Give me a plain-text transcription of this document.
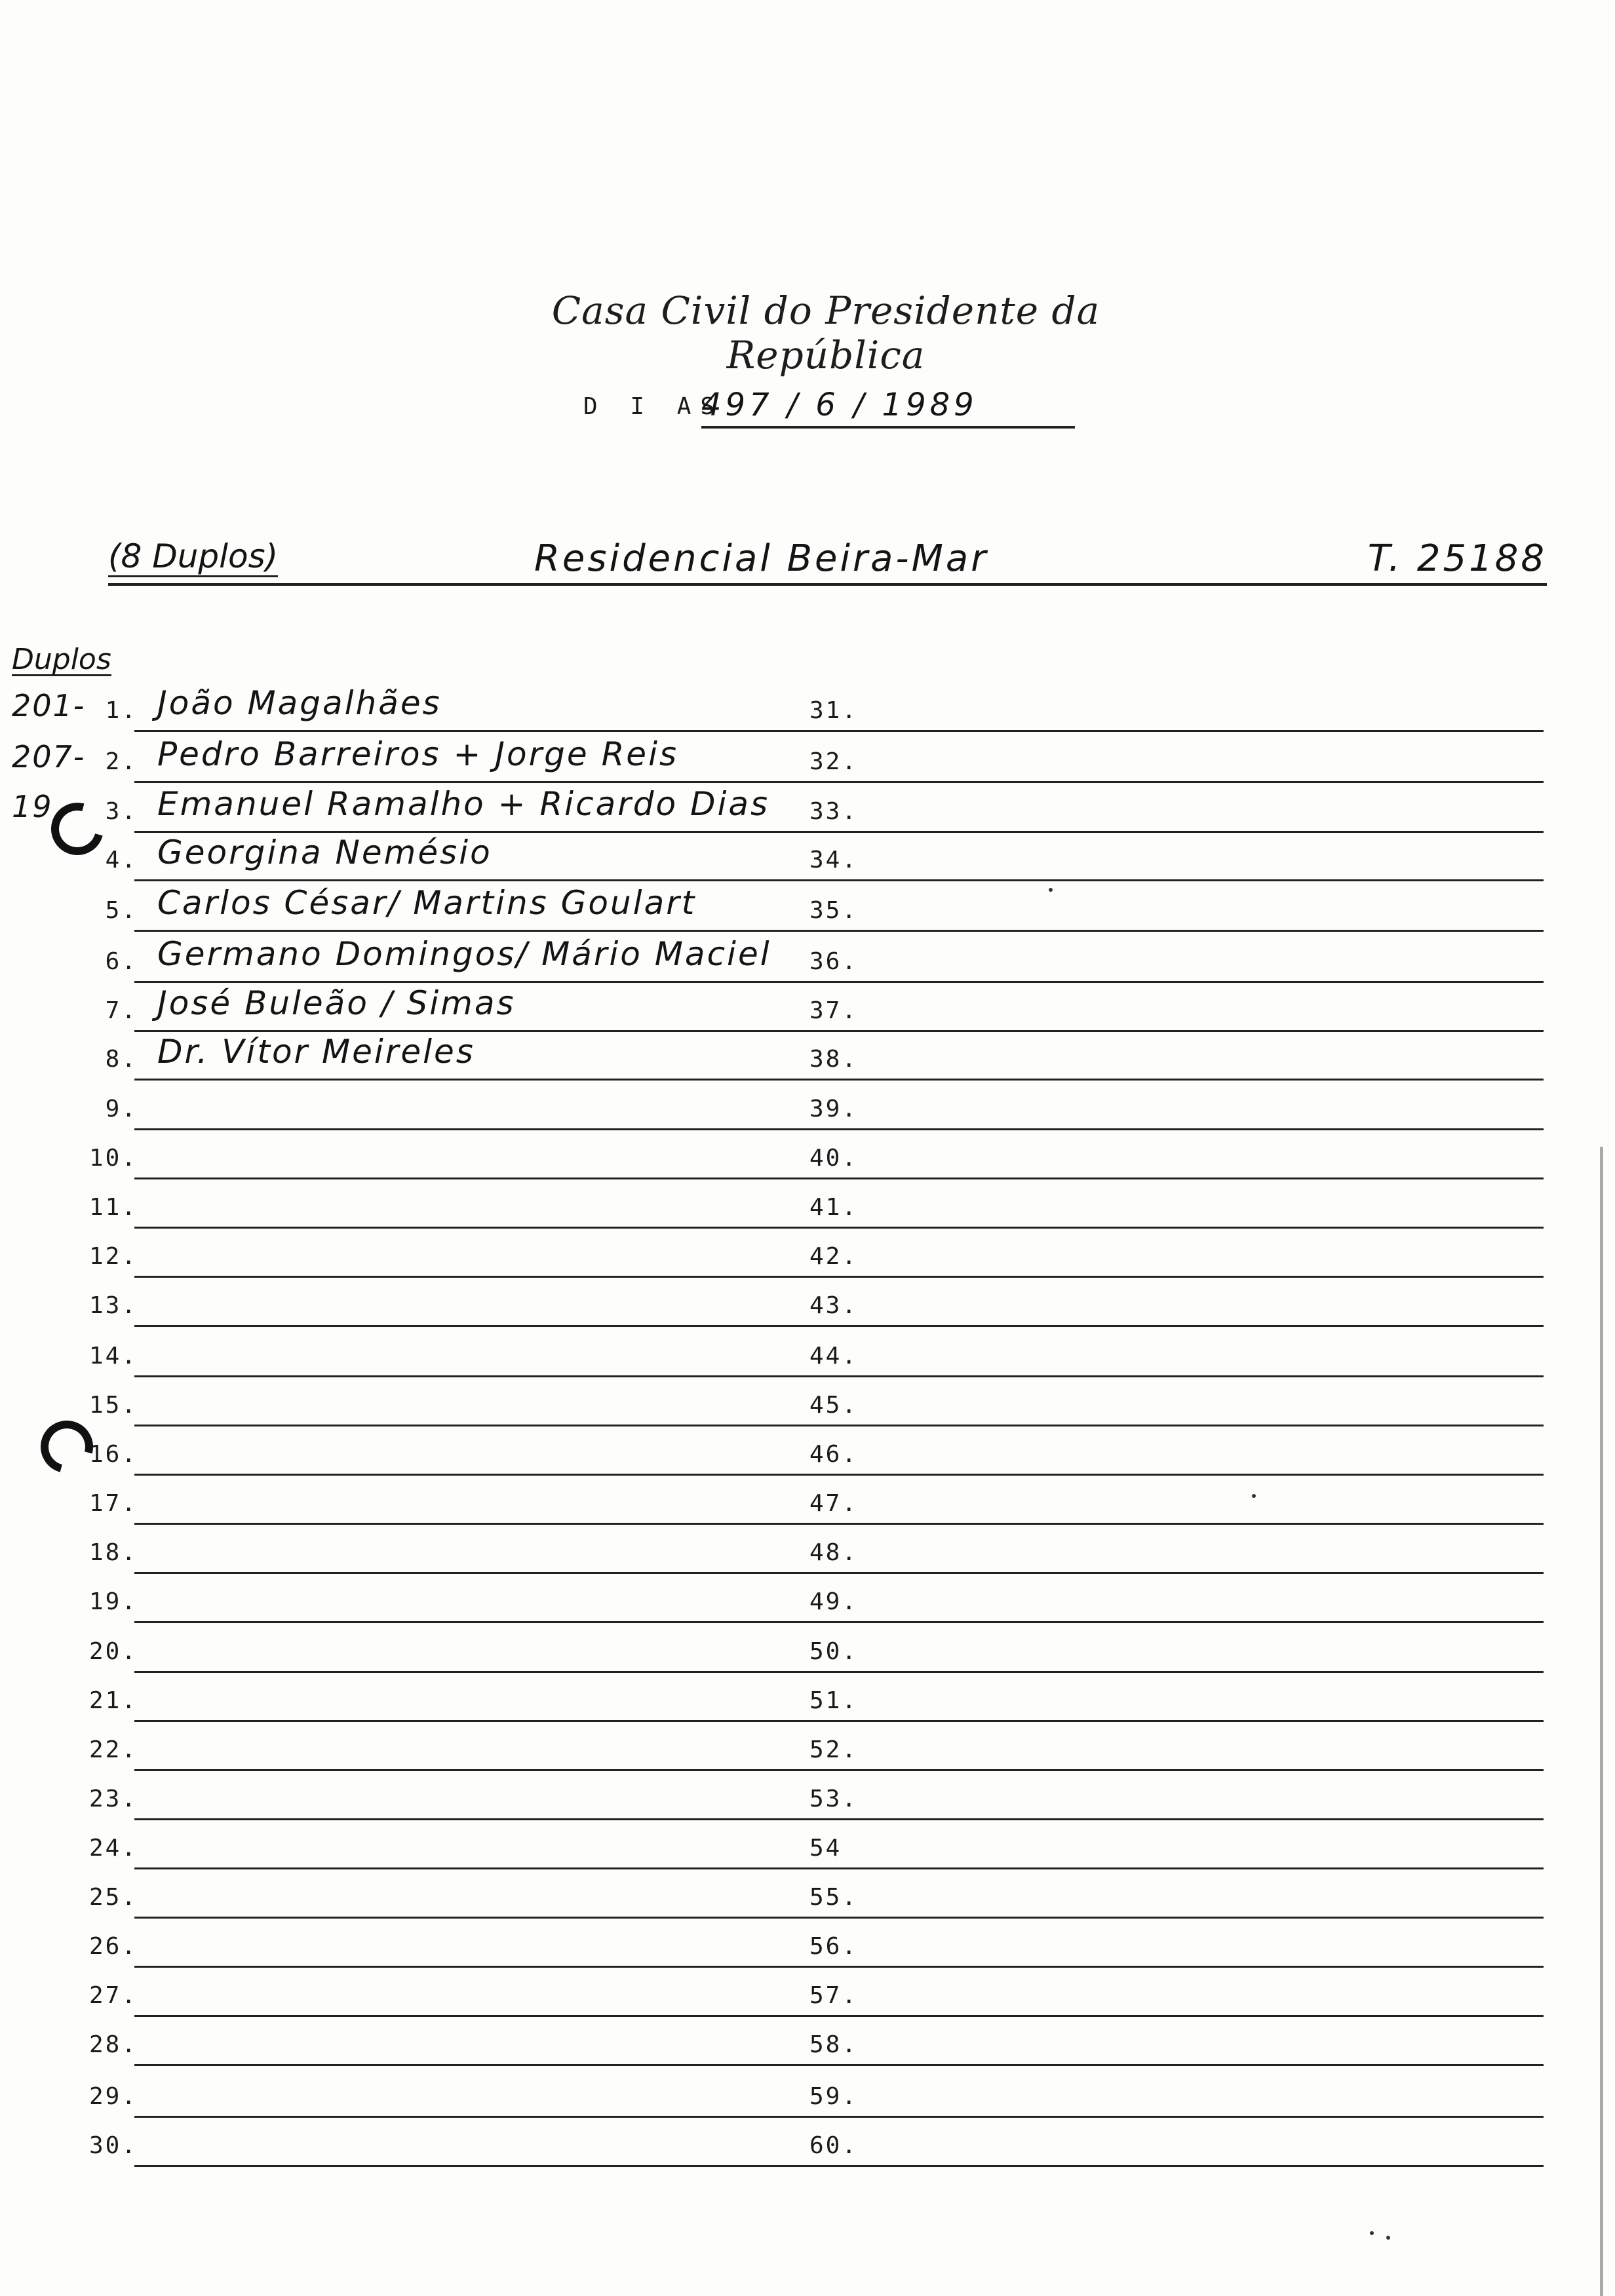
Casa Civil do Presidente da República
D I AS
497 / 6 / 1989
(8 Duplos)	Residencial Beira-Mar	T. 25188
Duplos
201- 1. João Magalhães	31.
207- 2. Pedro Barreiros + Jorge Reis	32.
19	3. Emanuel Ramalho + Ricardo Dias 33.
4. Georgina Nemésio	34.
5. Carlos César/ Martins Goulart	35.
6. Germano Domingos/ Mário Maciel 36.
7. José Buleão / Simas	37.
8. Dr. Vítor Meireles	38.
9.	39.
10.	40.
11.	41.
12.	42.
13.	43.
14.	44.
15.	45.
16.	46.
17.	47.
18.	48.
19.	49.
20.	50.
21.	51.
22.	52.
23.	53.
24.	54
25.	55.
26.	56.
27.	57.
28.	58.
29.	59.
30.	60.
